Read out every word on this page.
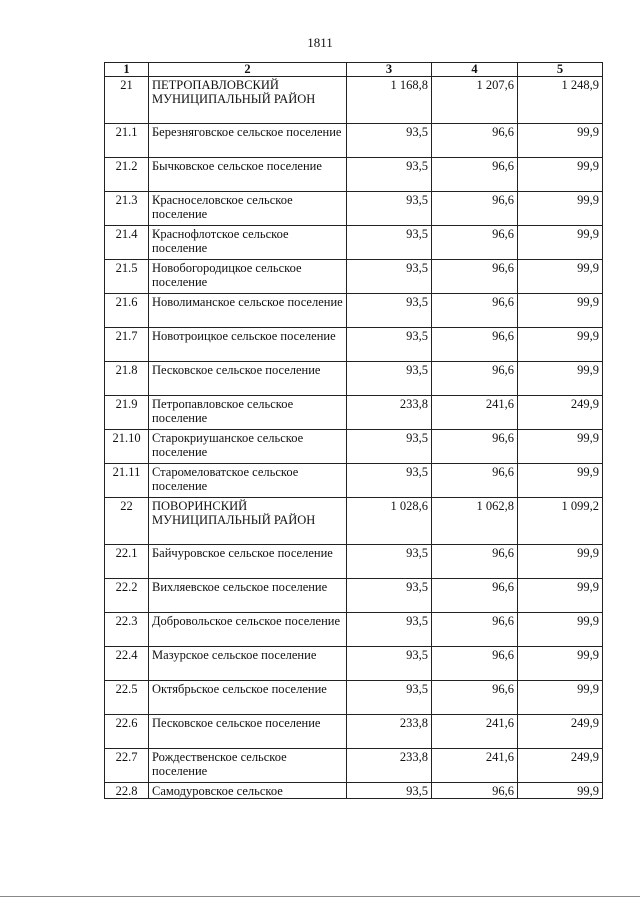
1811
1	2	3	4	5
21	ПЕТРОПАВЛОВСКИЙ МУНИЦИПАЛЬНЫЙ РАЙОН	1 168,8	1 207,6	1 248,9
21.1	Березняговское сельское поселение	93,5	96,6	99,9
21.2	Бычковское сельское поселение	93,5	96,6	99,9
21.3	Красноселовское сельское поселение	93,5	96,6	99,9
21.4	Краснофлотское сельское поселение	93,5	96,6	99,9
21.5	Новобогородицкое сельское поселение	93,5	96,6	99,9
21.6	Новолиманское сельское поселение	93,5	96,6	99,9
21.7	Новотроицкое сельское поселение	93,5	96,6	99,9
21.8	Песковское сельское поселение	93,5	96,6	99,9
21.9	Петропавловское сельское поселение	233,8	241,6	249,9
21.10	Старокриушанское сельское поселение	93,5	96,6	99,9
21.11	Старомеловатское сельское поселение	93,5	96,6	99,9
22	ПОВОРИНСКИЙ МУНИЦИПАЛЬНЫЙ РАЙОН	1 028,6	1 062,8	1 099,2
22.1	Байчуровское сельское поселение	93,5	96,6	99,9
22.2	Вихляевское сельское поселение	93,5	96,6	99,9
22.3	Добровольское сельское поселение	93,5	96,6	99,9
22.4	Мазурское сельское поселение	93,5	96,6	99,9
22.5	Октябрьское сельское поселение	93,5	96,6	99,9
22.6	Песковское сельское поселение	233,8	241,6	249,9
22.7	Рождественское сельское поселение	233,8	241,6	249,9
22.8	Самодуровское сельское	93,5	96,6	99,9
